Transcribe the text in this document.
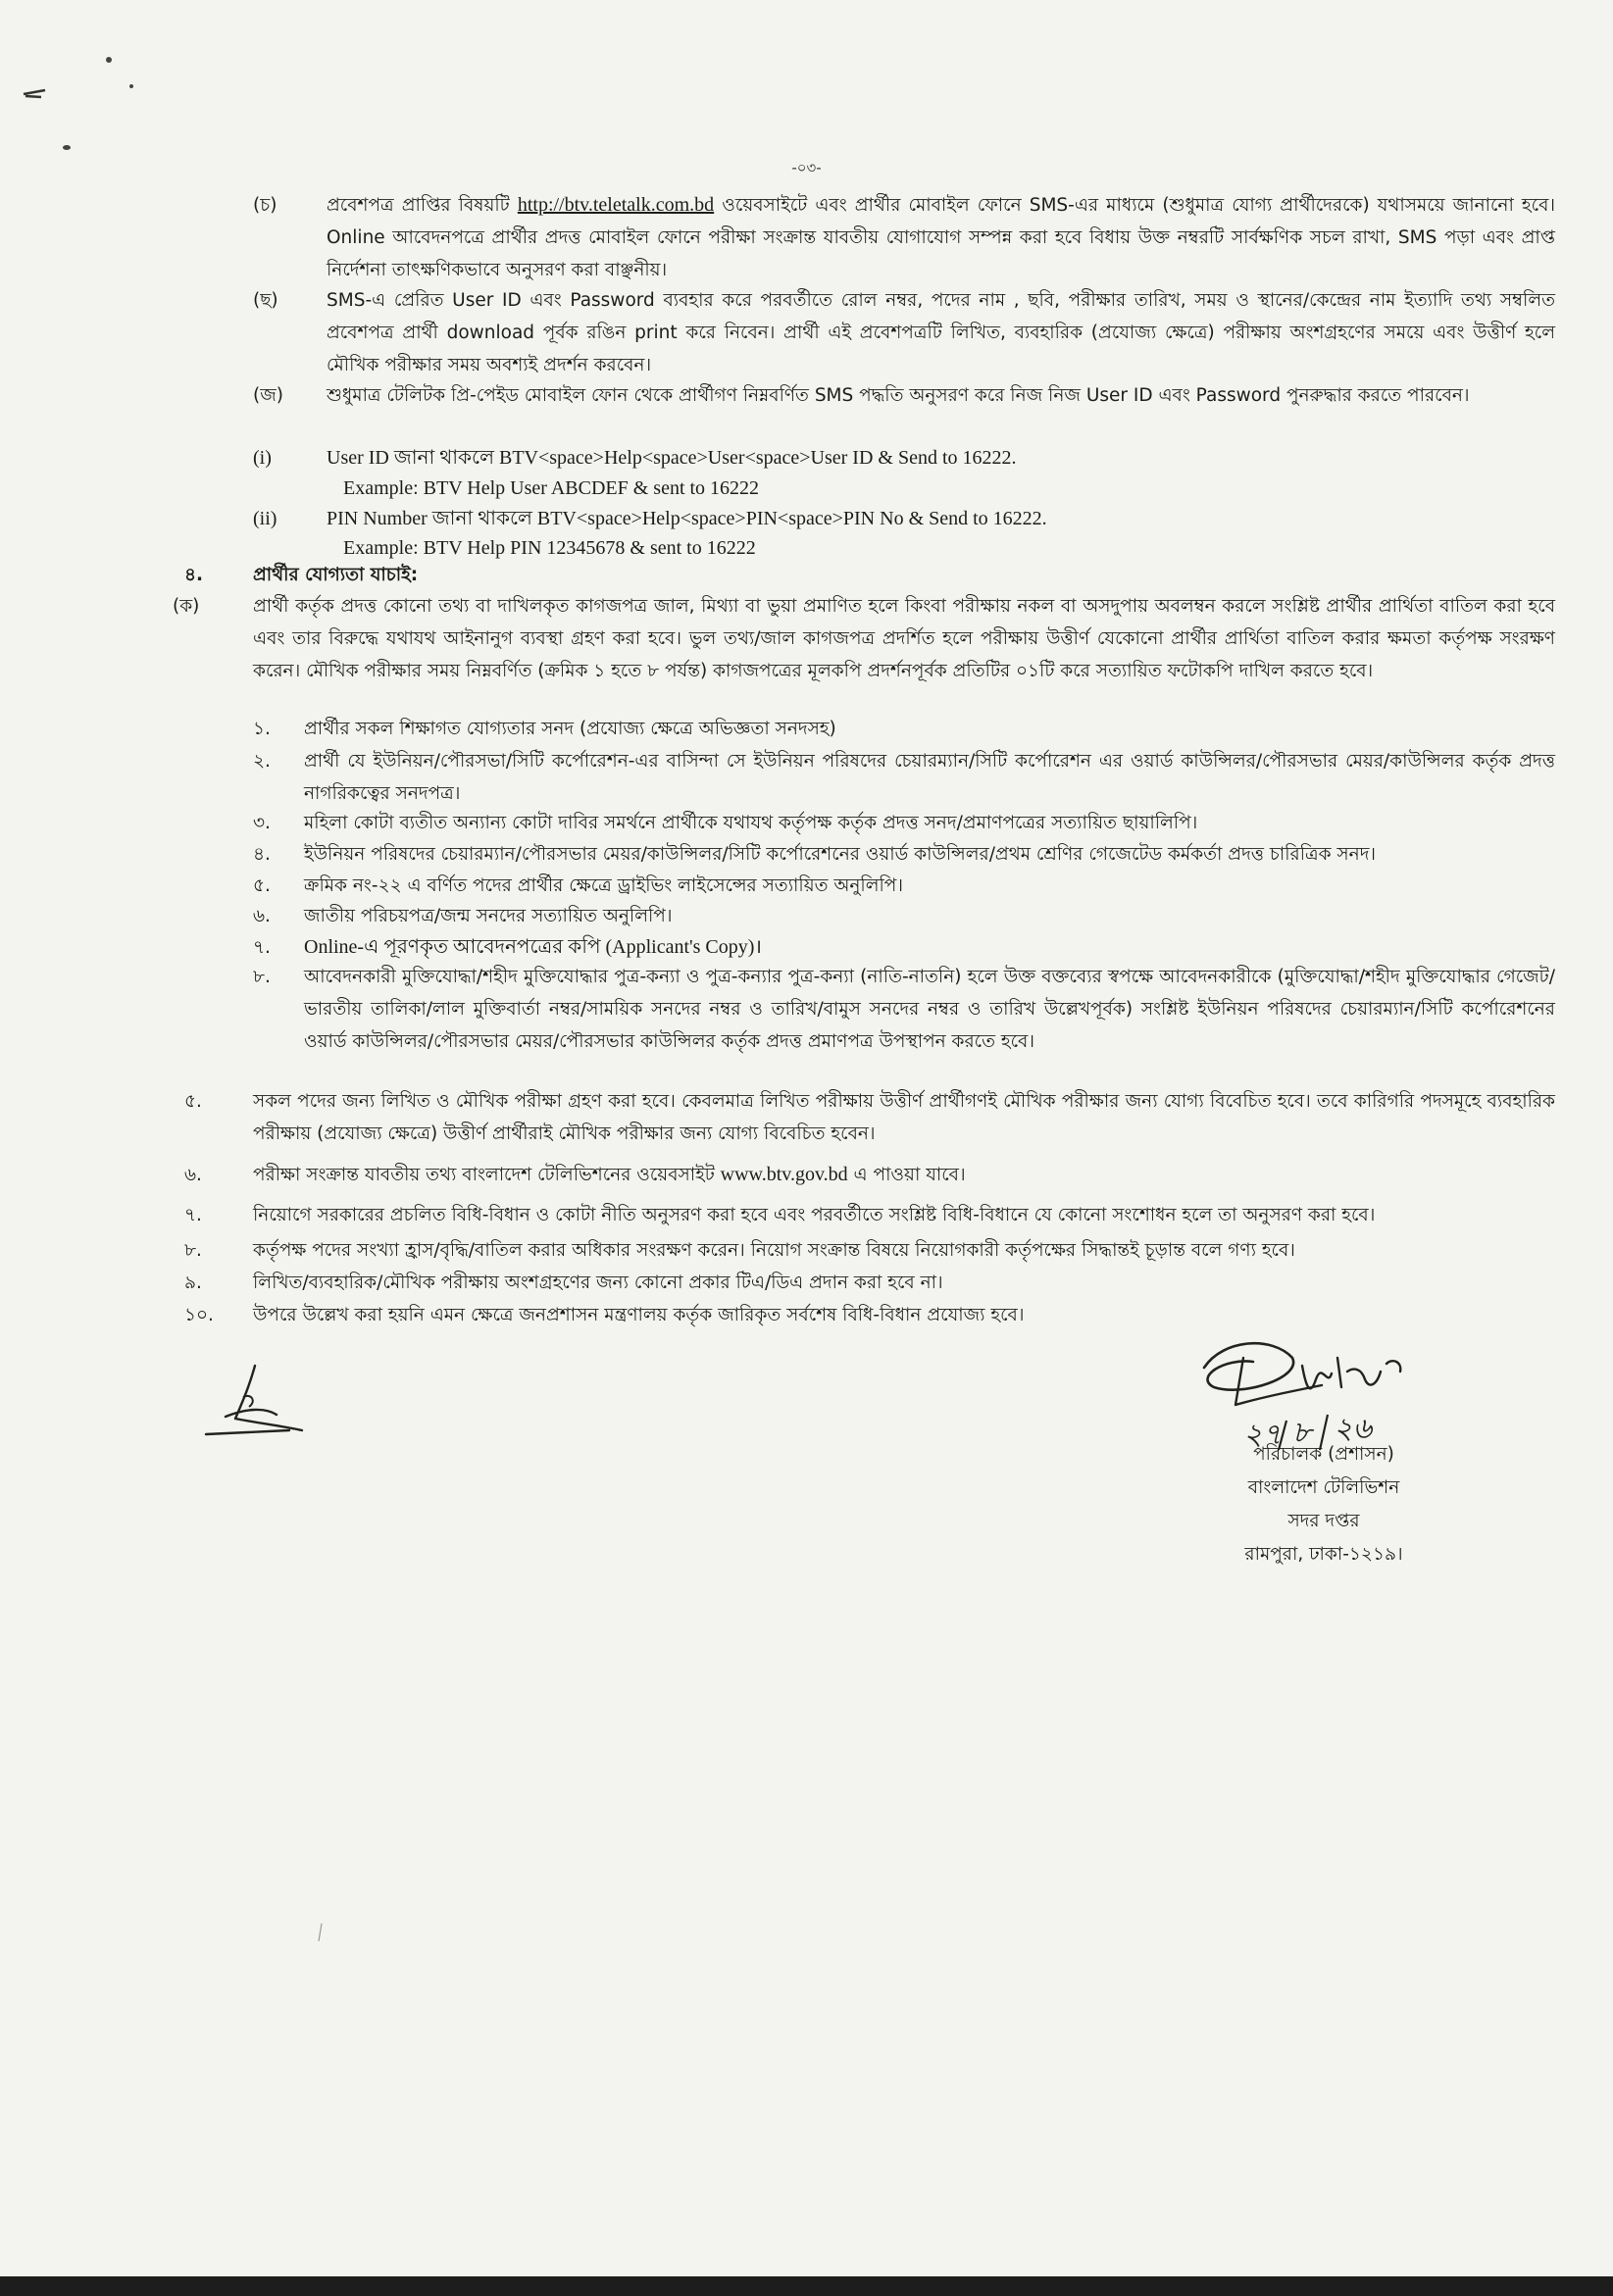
-০৩-
(চ)	প্রবেশপত্র প্রাপ্তির বিষয়টি http://btv.teletalk.com.bd ওয়েবসাইটে এবং প্রার্থীর মোবাইল ফোনে SMS-এর মাধ্যমে (শুধুমাত্র যোগ্য প্রার্থীদেরকে) যথাসময়ে জানানো হবে। Online আবেদনপত্রে প্রার্থীর প্রদত্ত মোবাইল ফোনে পরীক্ষা সংক্রান্ত যাবতীয় যোগাযোগ সম্পন্ন করা হবে বিধায় উক্ত নম্বরটি সার্বক্ষণিক সচল রাখা, SMS পড়া এবং প্রাপ্ত নির্দেশনা তাৎক্ষণিকভাবে অনুসরণ করা বাঞ্ছনীয়।
(ছ)	SMS-এ প্রেরিত User ID এবং Password ব্যবহার করে পরবর্তীতে রোল নম্বর, পদের নাম , ছবি, পরীক্ষার তারিখ, সময় ও স্থানের/কেন্দ্রের নাম ইত্যাদি তথ্য সম্বলিত প্রবেশপত্র প্রার্থী download পূর্বক রঙিন print করে নিবেন। প্রার্থী এই প্রবেশপত্রটি লিখিত, ব্যবহারিক (প্রযোজ্য ক্ষেত্রে) পরীক্ষায় অংশগ্রহণের সময়ে এবং উত্তীর্ণ হলে মৌখিক পরীক্ষার সময় অবশ্যই প্রদর্শন করবেন।
(জ)	শুধুমাত্র টেলিটক প্রি-পেইড মোবাইল ফোন থেকে প্রার্থীগণ নিম্নবর্ণিত SMS পদ্ধতি অনুসরণ করে নিজ নিজ User ID এবং Password পুনরুদ্ধার করতে পারবেন।
(i)	User ID জানা থাকলে BTV<space>Help<space>User<space>User ID & Send to 16222.
Example: BTV Help User ABCDEF & sent to 16222
(ii)	PIN Number জানা থাকলে BTV<space>Help<space>PIN<space>PIN No & Send to 16222.
Example: BTV Help PIN 12345678 & sent to 16222
৪.	প্রার্থীর যোগ্যতা যাচাই:
(ক)	প্রার্থী কর্তৃক প্রদত্ত কোনো তথ্য বা দাখিলকৃত কাগজপত্র জাল, মিথ্যা বা ভুয়া প্রমাণিত হলে কিংবা পরীক্ষায় নকল বা অসদুপায় অবলম্বন করলে সংশ্লিষ্ট প্রার্থীর প্রার্থিতা বাতিল করা হবে এবং তার বিরুদ্ধে যথাযথ আইনানুগ ব্যবস্থা গ্রহণ করা হবে। ভুল তথ্য/জাল কাগজপত্র প্রদর্শিত হলে পরীক্ষায় উত্তীর্ণ যেকোনো প্রার্থীর প্রার্থিতা বাতিল করার ক্ষমতা কর্তৃপক্ষ সংরক্ষণ করেন। মৌখিক পরীক্ষার সময় নিম্নবর্ণিত (ক্রমিক ১ হতে ৮ পর্যন্ত) কাগজপত্রের মূলকপি প্রদর্শনপূর্বক প্রতিটির ০১টি করে সত্যায়িত ফটোকপি দাখিল করতে হবে।
১.	প্রার্থীর সকল শিক্ষাগত যোগ্যতার সনদ (প্রযোজ্য ক্ষেত্রে অভিজ্ঞতা সনদসহ)
২.	প্রার্থী যে ইউনিয়ন/পৌরসভা/সিটি কর্পোরেশন-এর বাসিন্দা সে ইউনিয়ন পরিষদের চেয়ারম্যান/সিটি কর্পোরেশন এর ওয়ার্ড কাউন্সিলর/পৌরসভার মেয়র/কাউন্সিলর কর্তৃক প্রদত্ত নাগরিকত্বের সনদপত্র।
৩.	মহিলা কোটা ব্যতীত অন্যান্য কোটা দাবির সমর্থনে প্রার্থীকে যথাযথ কর্তৃপক্ষ কর্তৃক প্রদত্ত সনদ/প্রমাণপত্রের সত্যায়িত ছায়ালিপি।
৪.	ইউনিয়ন পরিষদের চেয়ারম্যান/পৌরসভার মেয়র/কাউন্সিলর/সিটি কর্পোরেশনের ওয়ার্ড কাউন্সিলর/প্রথম শ্রেণির গেজেটেড কর্মকর্তা প্রদত্ত চারিত্রিক সনদ।
৫.	ক্রমিক নং-২২ এ বর্ণিত পদের প্রার্থীর ক্ষেত্রে ড্রাইভিং লাইসেন্সের সত্যায়িত অনুলিপি।
৬.	জাতীয় পরিচয়পত্র/জন্ম সনদের সত্যায়িত অনুলিপি।
৭.	Online-এ পূরণকৃত আবেদনপত্রের কপি (Applicant's Copy)।
৮.	আবেদনকারী মুক্তিযোদ্ধা/শহীদ মুক্তিযোদ্ধার পুত্র-কন্যা ও পুত্র-কন্যার পুত্র-কন্যা (নাতি-নাতনি) হলে উক্ত বক্তব্যের স্বপক্ষে আবেদনকারীকে (মুক্তিযোদ্ধা/শহীদ মুক্তিযোদ্ধার গেজেট/ভারতীয় তালিকা/লাল মুক্তিবার্তা নম্বর/সাময়িক সনদের নম্বর ও তারিখ/বামুস সনদের নম্বর ও তারিখ উল্লেখপূর্বক) সংশ্লিষ্ট ইউনিয়ন পরিষদের চেয়ারম্যান/সিটি কর্পোরেশনের ওয়ার্ড কাউন্সিলর/পৌরসভার মেয়র/পৌরসভার কাউন্সিলর কর্তৃক প্রদত্ত প্রমাণপত্র উপস্থাপন করতে হবে।
৫.	সকল পদের জন্য লিখিত ও মৌখিক পরীক্ষা গ্রহণ করা হবে। কেবলমাত্র লিখিত পরীক্ষায় উত্তীর্ণ প্রার্থীগণই মৌখিক পরীক্ষার জন্য যোগ্য বিবেচিত হবে। তবে কারিগরি পদসমূহে ব্যবহারিক পরীক্ষায় (প্রযোজ্য ক্ষেত্রে) উত্তীর্ণ প্রার্থীরাই মৌখিক পরীক্ষার জন্য যোগ্য বিবেচিত হবেন।
৬.	পরীক্ষা সংক্রান্ত যাবতীয় তথ্য বাংলাদেশ টেলিভিশনের ওয়েবসাইট www.btv.gov.bd এ পাওয়া যাবে।
৭.	নিয়োগে সরকারের প্রচলিত বিধি-বিধান ও কোটা নীতি অনুসরণ করা হবে এবং পরবর্তীতে সংশ্লিষ্ট বিধি-বিধানে যে কোনো সংশোধন হলে তা অনুসরণ করা হবে।
৮.	কর্তৃপক্ষ পদের সংখ্যা হ্রাস/বৃদ্ধি/বাতিল করার অধিকার সংরক্ষণ করেন। নিয়োগ সংক্রান্ত বিষয়ে নিয়োগকারী কর্তৃপক্ষের সিদ্ধান্তই চূড়ান্ত বলে গণ্য হবে।
৯.	লিখিত/ব্যবহারিক/মৌখিক পরীক্ষায় অংশগ্রহণের জন্য কোনো প্রকার টিএ/ডিএ প্রদান করা হবে না।
১০.	উপরে উল্লেখ করা হয়নি এমন ক্ষেত্রে জনপ্রশাসন মন্ত্রণালয় কর্তৃক জারিকৃত সর্বশেষ বিধি-বিধান প্রযোজ্য হবে।
২৭ ৮ ২৬
পরিচালক (প্রশাসন)
বাংলাদেশ টেলিভিশন
সদর দপ্তর
রামপুরা, ঢাকা-১২১৯।
